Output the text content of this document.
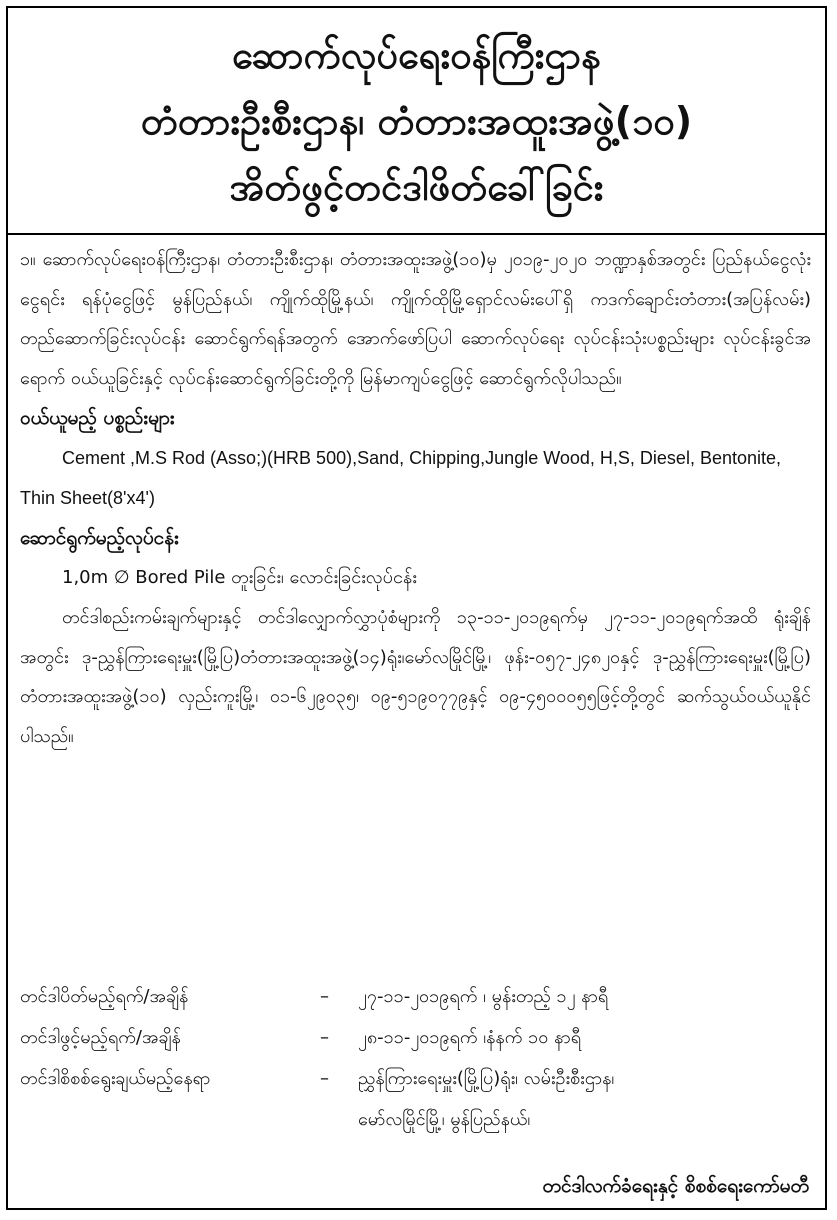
ဆောက်လုပ်ရေးဝန်ကြီးဌာန
တံတားဦးစီးဌာန၊ တံတားအထူးအဖွဲ့(၁၀)
အိတ်ဖွင့်တင်ဒါဖိတ်ခေါ်ခြင်း

၁။ ဆောက်လုပ်ရေးဝန်ကြီးဌာန၊ တံတားဦးစီးဌာန၊ တံတားအထူးအဖွဲ့(၁၀)မှ ၂၀၁၉-၂၀၂၀ ဘဏ္ဍာနှစ်အတွင်း ပြည်နယ်ငွေလုံးငွေရင်း ရန်ပုံငွေဖြင့် မွန်ပြည်နယ်၊ ကျိုက်ထိုမြို့နယ်၊ ကျိုက်ထိုမြို့ရှောင်လမ်းပေါ်ရှိ ကဒက်ချောင်းတံတား(အပြန်လမ်း) တည်ဆောက်ခြင်းလုပ်ငန်း ဆောင်ရွက်ရန်အတွက် အောက်ဖော်ပြပါ ဆောက်လုပ်ရေး လုပ်ငန်းသုံးပစ္စည်းများ လုပ်ငန်းခွင်အရောက် ဝယ်ယူခြင်းနှင့် လုပ်ငန်းဆောင်ရွက်ခြင်းတို့ကို မြန်မာကျပ်ငွေဖြင့် ဆောင်ရွက်လိုပါသည်။

ဝယ်ယူမည့် ပစ္စည်းများ

Cement ,M.S Rod (Asso;)(HRB 500),Sand, Chipping,Jungle Wood, H,S, Diesel, Bentonite, Thin Sheet(8'x4')

ဆောင်ရွက်မည့်လုပ်ငန်း

1,0m ∅ Bored Pile တူးခြင်း၊ လောင်းခြင်းလုပ်ငန်း

တင်ဒါစည်းကမ်းချက်များနှင့် တင်ဒါလျှောက်လွှာပုံစံများကို ၁၃-၁၁-၂၀၁၉ရက်မှ ၂၇-၁၁-၂၀၁၉ရက်အထိ ရုံးချိန်အတွင်း ဒု-ညွှန်ကြားရေးမှူး(မြို့ပြ)တံတားအထူးအဖွဲ့(၁၄)ရုံး၊မော်လမြိုင်မြို့၊ ဖုန်း-၀၅၇-၂၄၈၂၀နှင့် ဒု-ညွှန်ကြားရေးမှူး(မြို့ပြ) တံတားအထူးအဖွဲ့(၁၀) လှည်းကူးမြို့၊ ၀၁-၆၂၉၀၃၅၊ ၀၉-၅၁၉၀၇၇၉နှင့် ၀၉-၄၅၀၀၀၅၅ဖြင့်တို့တွင် ဆက်သွယ်ဝယ်ယူနိုင်ပါသည်။

တင်ဒါပိတ်မည့်ရက်/အချိန်	–	၂၇-၁၁-၂၀၁၉ရက် ၊ မွန်းတည့် ၁၂ နာရီ
တင်ဒါဖွင့်မည့်ရက်/အချိန်	–	၂၈-၁၁-၂၀၁၉ရက် ၊နံနက် ၁၀ နာရီ
တင်ဒါစိစစ်ရွေးချယ်မည့်နေရာ	–	ညွှန်ကြားရေးမှူး(မြို့ပြ)ရုံး၊ လမ်းဦးစီးဌာန၊
မော်လမြိုင်မြို့၊ မွန်ပြည်နယ်၊
တင်ဒါလက်ခံရေးနှင့် စိစစ်ရေးကော်မတီ
